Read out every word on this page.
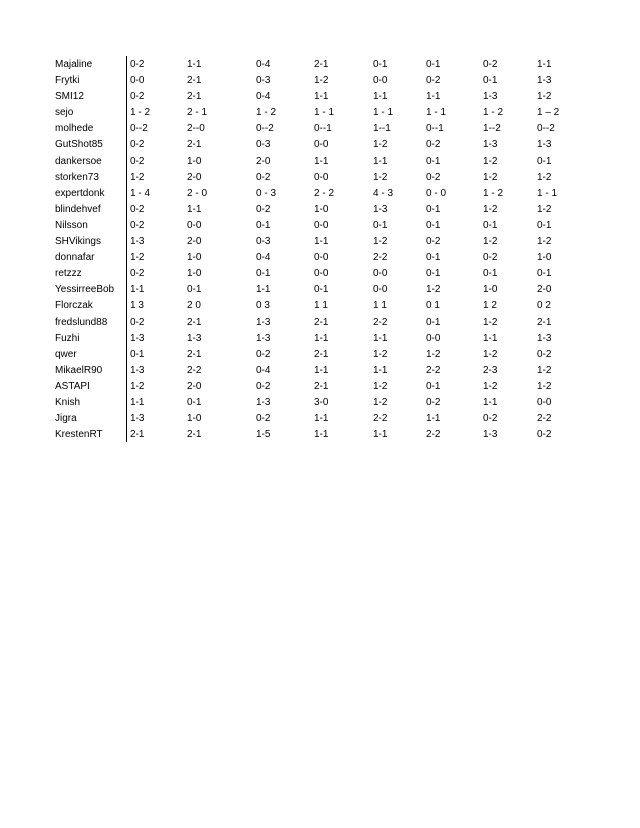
Majaline	0-2	1-1	0-4	2-1	0-1	0-1	0-2	1-1
Frytki	0-0	2-1	0-3	1-2	0-0	0-2	0-1	1-3
SMI12	0-2	2-1	0-4	1-1	1-1	1-1	1-3	1-2
sejo	1 - 2	2 - 1	1 - 2	1 - 1	1 - 1	1 - 1	1 - 2	1 – 2
molhede	0--2	2--0	0--2	0--1	1--1	0--1	1--2	0--2
GutShot85	0-2	2-1	0-3	0-0	1-2	0-2	1-3	1-3
dankersoe	0-2	1-0	2-0	1-1	1-1	0-1	1-2	0-1
storken73	1-2	2-0	0-2	0-0	1-2	0-2	1-2	1-2
expertdonk	1 - 4	2 - 0	0 - 3	2 - 2	4 - 3	0 - 0	1 - 2	1 - 1
blindehvef	0-2	1-1	0-2	1-0	1-3	0-1	1-2	1-2
Nilsson	0-2	0-0	0-1	0-0	0-1	0-1	0-1	0-1
SHVikings	1-3	2-0	0-3	1-1	1-2	0-2	1-2	1-2
donnafar	1-2	1-0	0-4	0-0	2-2	0-1	0-2	1-0
retzzz	0-2	1-0	0-1	0-0	0-0	0-1	0-1	0-1
YessirreeBob 1-1	0-1	1-1	0-1	0-0	1-2	1-0	2-0
Florczak	1 3	2 0	0 3	1 1	1 1	0 1	1 2	0 2
fredslund88 0-2	2-1	1-3	2-1	2-2	0-1	1-2	2-1
Fuzhi	1-3	1-3	1-3	1-1	1-1	0-0	1-1	1-3
qwer	0-1	2-1	0-2	2-1	1-2	1-2	1-2	0-2
MikaelR90	1-3	2-2	0-4	1-1	1-1	2-2	2-3	1-2
ASTAPI	1-2	2-0	0-2	2-1	1-2	0-1	1-2	1-2
Knish	1-1	0-1	1-3	3-0	1-2	0-2	1-1	0-0
Jigra	1-3	1-0	0-2	1-1	2-2	1-1	0-2	2-2
KrestenRT	2-1	2-1	1-5	1-1	1-1	2-2	1-3	0-2
